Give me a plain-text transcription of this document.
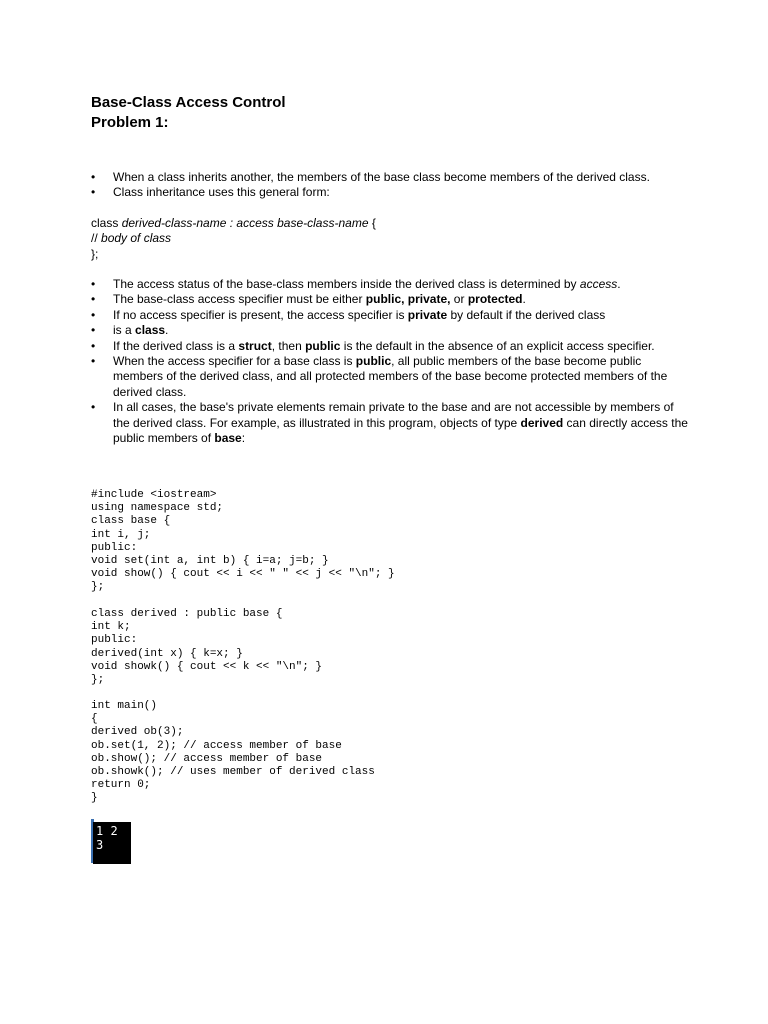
Base-Class Access Control
Problem 1:

•	When a class inherits another, the members of the base class become members of the derived class.

•	Class inheritance uses this general form:

class derived-class-name : access base-class-name {
// body of class
};

•	The access status of the base-class members inside the derived class is determined by access.

•	The base-class access specifier must be either public, private, or protected.

•	If no access specifier is present, the access specifier is private by default if the derived class

•	is a class.

•	If the derived class is a struct, then public is the default in the absence of an explicit access specifier.

•	When the access specifier for a base class is public, all public members of the base become public members of the derived class, and all protected members of the base become protected members of the derived class.

•	In all cases, the base's private elements remain private to the base and are not accessible by members of the derived class. For example, as illustrated in this program, objects of type derived can directly access the public members of base:

#include <iostream>
using namespace std;
class base {
int i, j;
public:
void set(int a, int b) { i=a; j=b; }
void show() { cout << i << " " << j << "\n"; }
};
class derived : public base {
int k;
public:
derived(int x) { k=x; }
void showk() { cout << k << "\n"; }
};
int main()
{
derived ob(3);
ob.set(1, 2); // access member of base
ob.show(); // access member of base
ob.showk(); // uses member of derived class
return 0;
}
1 2
3
